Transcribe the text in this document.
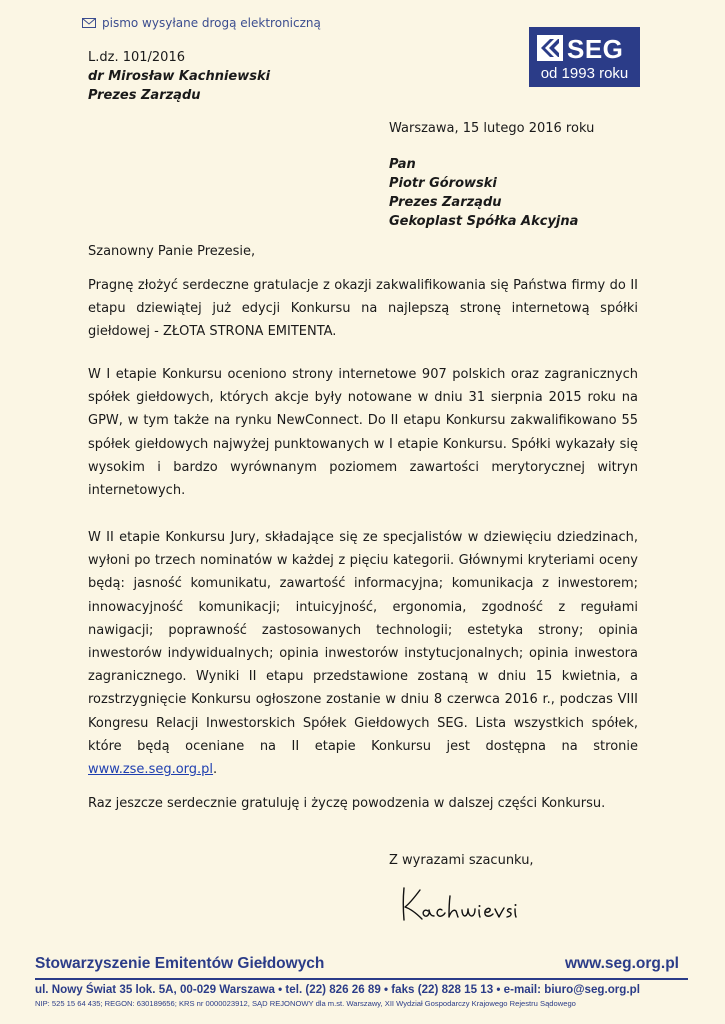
pismo wysyłane drogą elektroniczną
L.dz. 101/2016
dr Mirosław Kachniewski
Prezes Zarządu
SEG
od 1993 roku
Warszawa, 15 lutego 2016 roku
Pan
Piotr Górowski
Prezes Zarządu
Gekoplast Spółka Akcyjna
Szanowny Panie Prezesie,
Pragnę złożyć serdeczne gratulacje z okazji zakwalifikowania się Państwa firmy do II etapu dziewiątej już edycji Konkursu na najlepszą stronę internetową spółki giełdowej - ZŁOTA STRONA EMITENTA.
W I etapie Konkursu oceniono strony internetowe 907 polskich oraz zagranicznych spółek giełdowych, których akcje były notowane w dniu 31 sierpnia 2015 roku na GPW, w tym także na rynku NewConnect. Do II etapu Konkursu zakwalifikowano 55 spółek giełdowych najwyżej punktowanych w I etapie Konkursu. Spółki wykazały się wysokim i bardzo wyrównanym poziomem zawartości merytorycznej witryn internetowych.
W II etapie Konkursu Jury, składające się ze specjalistów w dziewięciu dziedzinach, wyłoni po trzech nominatów w każdej z pięciu kategorii. Głównymi kryteriami oceny będą: jasność komunikatu, zawartość informacyjna; komunikacja z inwestorem; innowacyjność komunikacji; intuicyjność, ergonomia, zgodność z regułami nawigacji; poprawność zastosowanych technologii; estetyka strony; opinia inwestorów indywidualnych; opinia inwestorów instytucjonalnych; opinia inwestora zagranicznego. Wyniki II etapu przedstawione zostaną w dniu 15 kwietnia, a rozstrzygnięcie Konkursu ogłoszone zostanie w dniu 8 czerwca 2016 r., podczas VIII Kongresu Relacji Inwestorskich Spółek Giełdowych SEG. Lista wszystkich spółek, które będą oceniane na II etapie Konkursu jest dostępna na stronie www.zse.seg.org.pl.
Raz jeszcze serdecznie gratuluję i życzę powodzenia w dalszej części Konkursu.
Z wyrazami szacunku,
Stowarzyszenie Emitentów Giełdowych	www.seg.org.pl
ul. Nowy Świat 35 lok. 5A, 00-029 Warszawa • tel. (22) 826 26 89 • faks (22) 828 15 13 • e-mail: biuro@seg.org.pl
NIP: 525 15 64 435; REGON: 630189656; KRS nr 0000023912, SĄD REJONOWY dla m.st. Warszawy, XII Wydział Gospodarczy Krajowego Rejestru Sądowego
